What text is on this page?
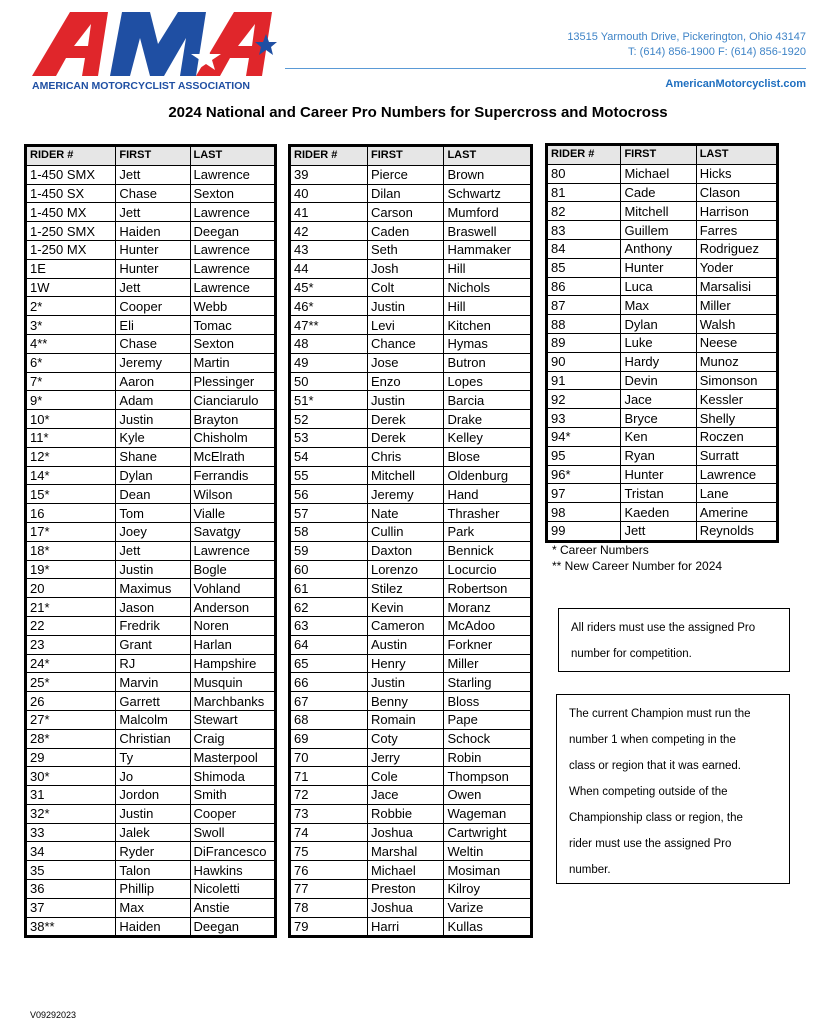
AMERICAN MOTORCYCLIST ASSOCIATION
13515 Yarmouth Drive, Pickerington, Ohio 43147
T: (614) 856-1900 F: (614) 856-1920
AmericanMotorcyclist.com
2024 National and Career Pro Numbers for Supercross and Motocross
RIDER #	FIRST	LAST
1-450 SMX	Jett	Lawrence
1-450 SX	Chase	Sexton
1-450 MX	Jett	Lawrence
1-250 SMX	Haiden	Deegan
1-250 MX	Hunter	Lawrence
1E	Hunter	Lawrence
1W	Jett	Lawrence
2*	Cooper	Webb
3*	Eli	Tomac
4**	Chase	Sexton
6*	Jeremy	Martin
7*	Aaron	Plessinger
9*	Adam	Cianciarulo
10*	Justin	Brayton
11*	Kyle	Chisholm
12*	Shane	McElrath
14*	Dylan	Ferrandis
15*	Dean	Wilson
16	Tom	Vialle
17*	Joey	Savatgy
18*	Jett	Lawrence
19*	Justin	Bogle
20	Maximus	Vohland
21*	Jason	Anderson
22	Fredrik	Noren
23	Grant	Harlan
24*	RJ	Hampshire
25*	Marvin	Musquin
26	Garrett	Marchbanks
27*	Malcolm	Stewart
28*	Christian	Craig
29	Ty	Masterpool
30*	Jo	Shimoda
31	Jordon	Smith
32*	Justin	Cooper
33	Jalek	Swoll
34	Ryder	DiFrancesco
35	Talon	Hawkins
36	Phillip	Nicoletti
37	Max	Anstie
38**	Haiden	Deegan
RIDER #	FIRST	LAST
39	Pierce	Brown
40	Dilan	Schwartz
41	Carson	Mumford
42	Caden	Braswell
43	Seth	Hammaker
44	Josh	Hill
45*	Colt	Nichols
46*	Justin	Hill
47**	Levi	Kitchen
48	Chance	Hymas
49	Jose	Butron
50	Enzo	Lopes
51*	Justin	Barcia
52	Derek	Drake
53	Derek	Kelley
54	Chris	Blose
55	Mitchell	Oldenburg
56	Jeremy	Hand
57	Nate	Thrasher
58	Cullin	Park
59	Daxton	Bennick
60	Lorenzo	Locurcio
61	Stilez	Robertson
62	Kevin	Moranz
63	Cameron	McAdoo
64	Austin	Forkner
65	Henry	Miller
66	Justin	Starling
67	Benny	Bloss
68	Romain	Pape
69	Coty	Schock
70	Jerry	Robin
71	Cole	Thompson
72	Jace	Owen
73	Robbie	Wageman
74	Joshua	Cartwright
75	Marshal	Weltin
76	Michael	Mosiman
77	Preston	Kilroy
78	Joshua	Varize
79	Harri	Kullas
RIDER #	FIRST	LAST
80	Michael	Hicks
81	Cade	Clason
82	Mitchell	Harrison
83	Guillem	Farres
84	Anthony	Rodriguez
85	Hunter	Yoder
86	Luca	Marsalisi
87	Max	Miller
88	Dylan	Walsh
89	Luke	Neese
90	Hardy	Munoz
91	Devin	Simonson
92	Jace	Kessler
93	Bryce	Shelly
94*	Ken	Roczen
95	Ryan	Surratt
96*	Hunter	Lawrence
97	Tristan	Lane
98	Kaeden	Amerine
99	Jett	Reynolds
* Career Numbers
** New Career Number for 2024
All riders must use the assigned Pro
number for competition.
The current Champion must run the
number 1 when competing in the
class or region that it was earned.
When competing outside of the
Championship class or region, the
rider must use the assigned Pro
number.
V09292023
